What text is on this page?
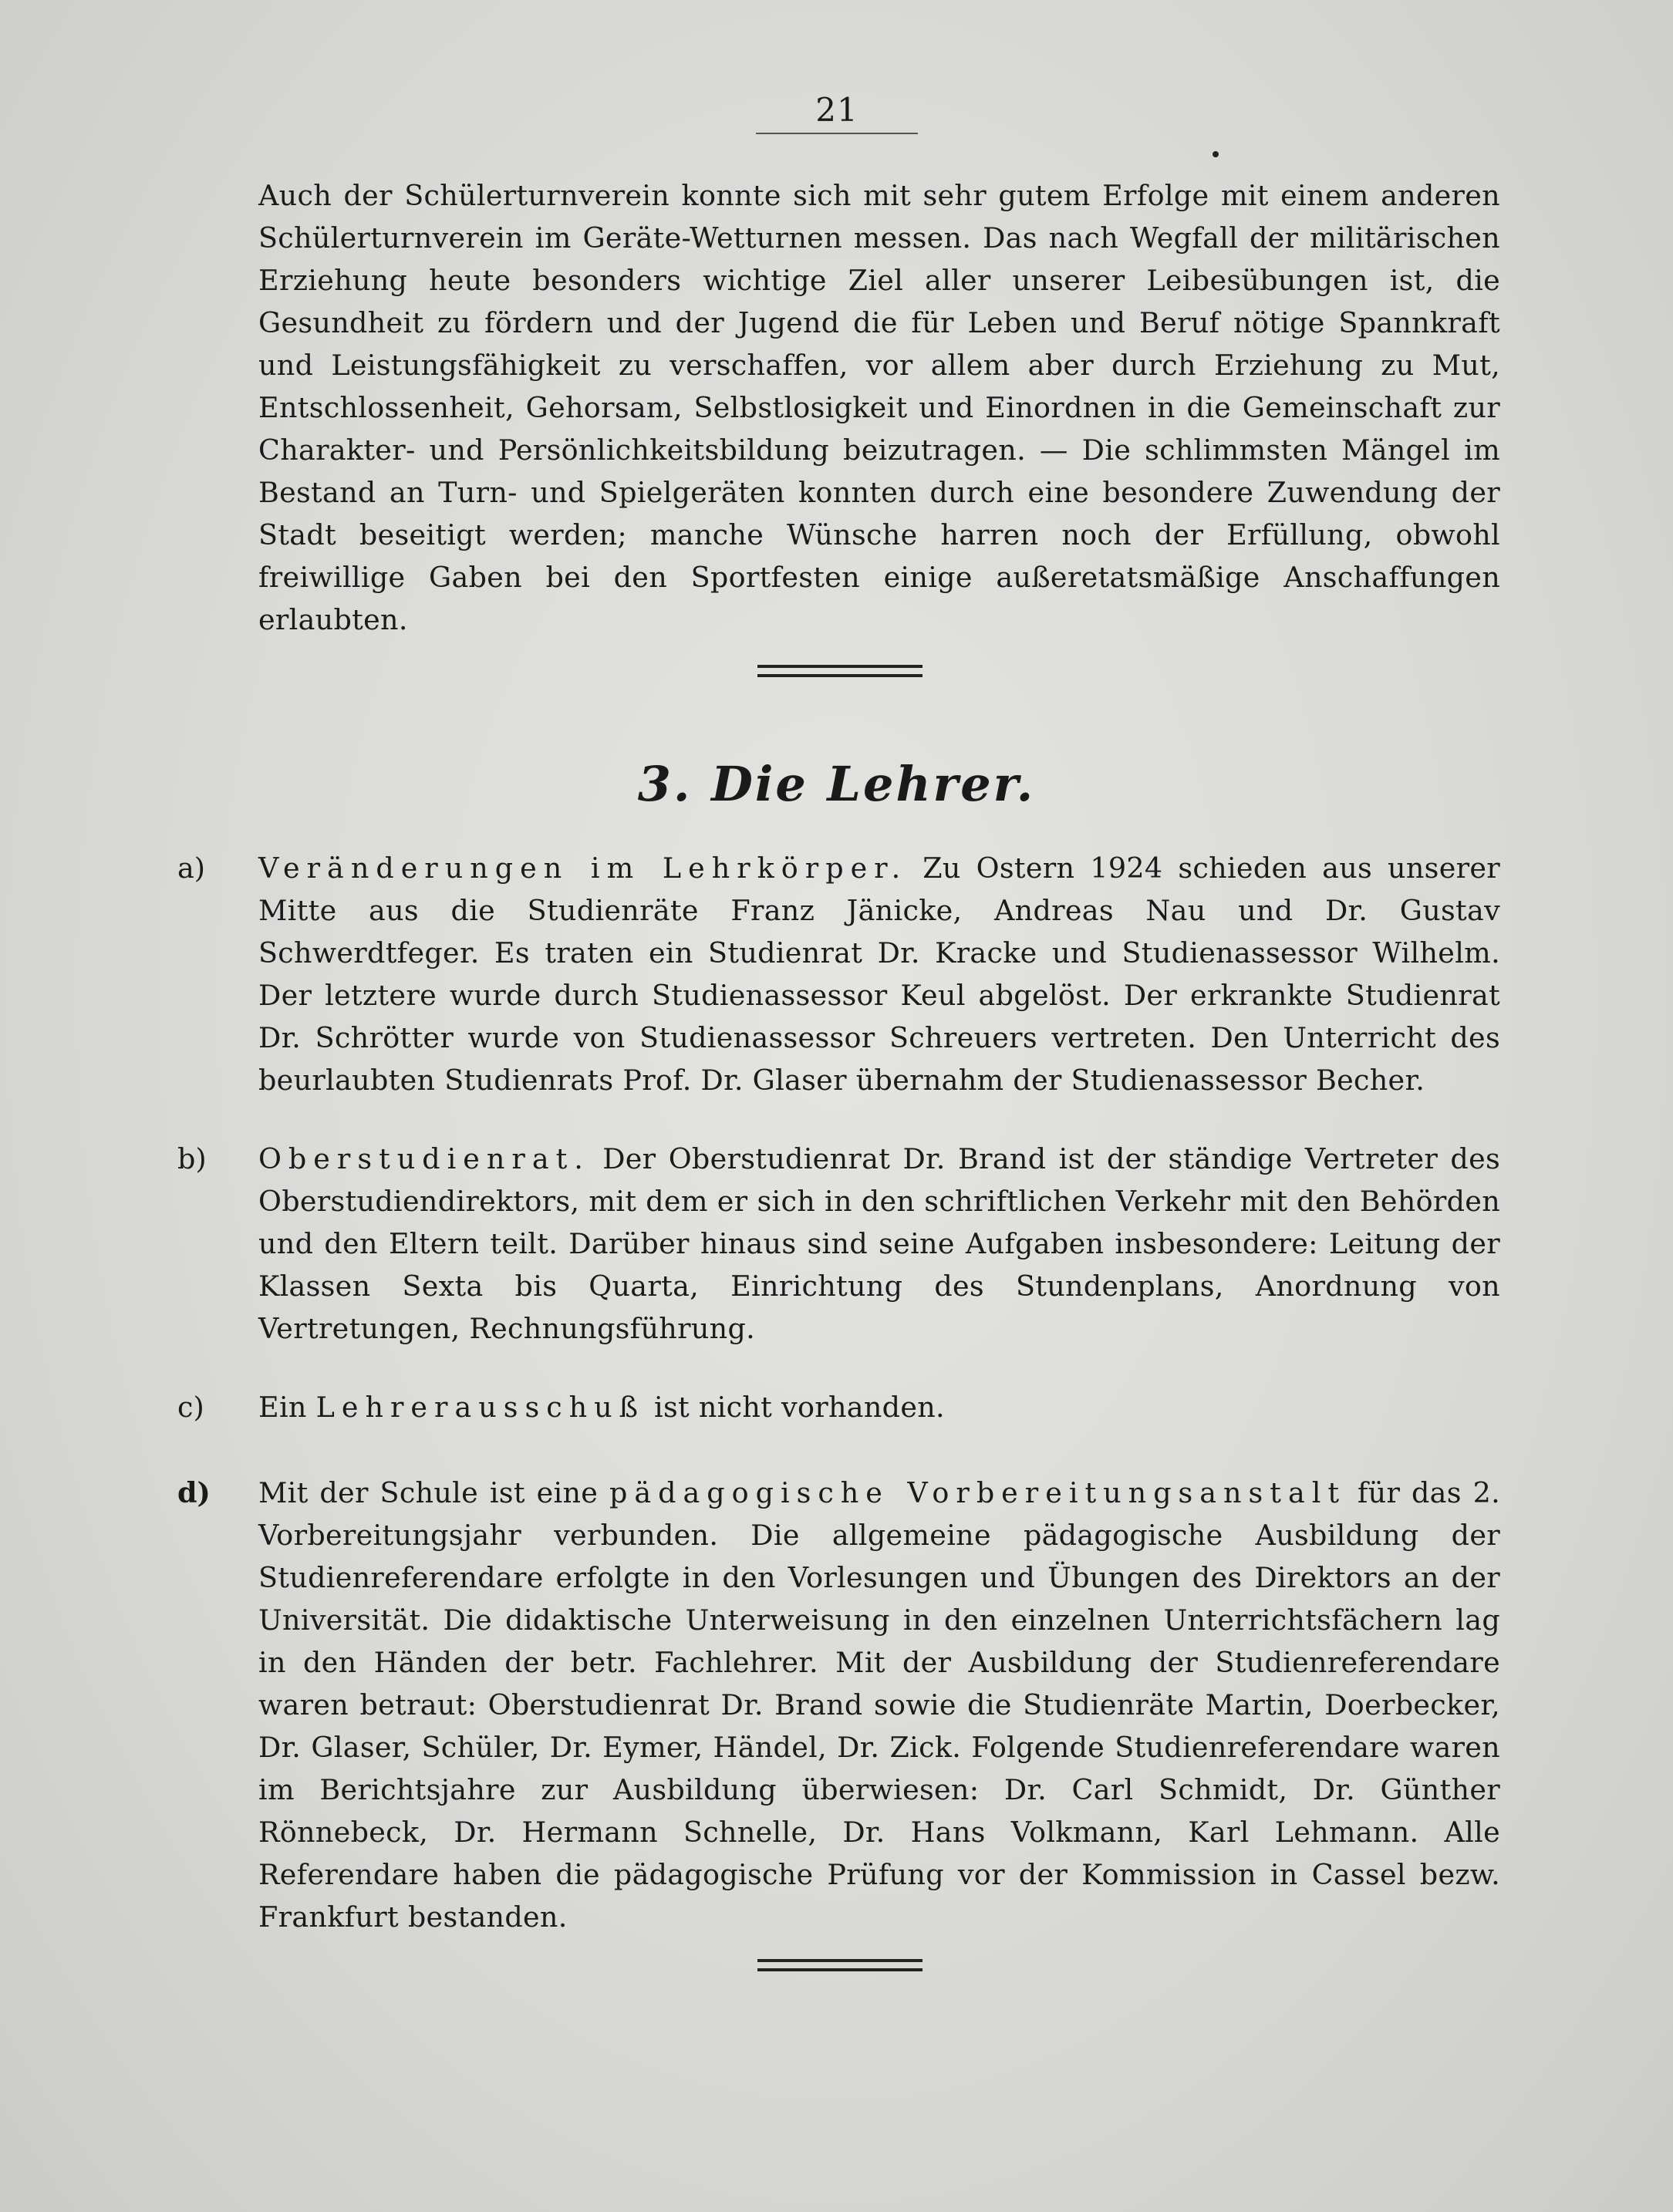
21

Auch der Schülerturnverein konnte sich mit sehr gutem Erfolge mit einem anderen Schülerturnverein im Geräte-Wetturnen messen. Das nach Wegfall der militärischen Erziehung heute besonders wichtige Ziel aller unserer Leibesübungen ist, die Gesundheit zu fördern und der Jugend die für Leben und Beruf nötige Spannkraft und Leistungsfähigkeit zu verschaffen, vor allem aber durch Erziehung zu Mut, Entschlossenheit, Gehorsam, Selbstlosigkeit und Einordnen in die Gemeinschaft zur Charakter- und Persönlichkeitsbildung beizutragen. — Die schlimmsten Mängel im Bestand an Turn- und Spielgeräten konnten durch eine besondere Zuwendung der Stadt beseitigt werden; manche Wünsche harren noch der Erfüllung, obwohl freiwillige Gaben bei den Sportfesten einige außeretatsmäßige Anschaffungen erlaubten.

3. Die Lehrer.
a)	Veränderungen im Lehrkörper. Zu Ostern 1924 schieden aus unserer Mitte aus die Studienräte Franz Jänicke, Andreas Nau und Dr. Gustav Schwerdtfeger. Es traten ein Studienrat Dr. Kracke und Studienassessor Wilhelm. Der letztere wurde durch Studienassessor Keul abgelöst. Der erkrankte Studienrat Dr. Schrötter wurde von Studienassessor Schreuers vertreten. Den Unterricht des beurlaubten Studienrats Prof. Dr. Glaser übernahm der Studienassessor Becher.
b)	Oberstudienrat. Der Oberstudienrat Dr. Brand ist der ständige Vertreter des Oberstudiendirektors, mit dem er sich in den schriftlichen Verkehr mit den Behörden und den Eltern teilt. Darüber hinaus sind seine Aufgaben insbesondere: Leitung der Klassen Sexta bis Quarta, Einrichtung des Stundenplans, Anordnung von Vertretungen, Rechnungsführung.
c)	Ein Lehrerausschuß ist nicht vorhanden.
d)	Mit der Schule ist eine pädagogische Vorbereitungsanstalt für das 2. Vorbereitungsjahr verbunden. Die allgemeine pädagogische Ausbildung der Studienreferendare erfolgte in den Vorlesungen und Übungen des Direktors an der Universität. Die didaktische Unterweisung in den einzelnen Unterrichtsfächern lag in den Händen der betr. Fachlehrer. Mit der Ausbildung der Studienreferendare waren betraut: Oberstudienrat Dr. Brand sowie die Studienräte Martin, Doerbecker, Dr. Glaser, Schüler, Dr. Eymer, Händel, Dr. Zick. Folgende Studienreferendare waren im Berichtsjahre zur Ausbildung überwiesen: Dr. Carl Schmidt, Dr. Günther Rönnebeck, Dr. Hermann Schnelle, Dr. Hans Volkmann, Karl Lehmann. Alle Referendare haben die pädagogische Prüfung vor der Kommission in Cassel bezw. Frankfurt bestanden.
